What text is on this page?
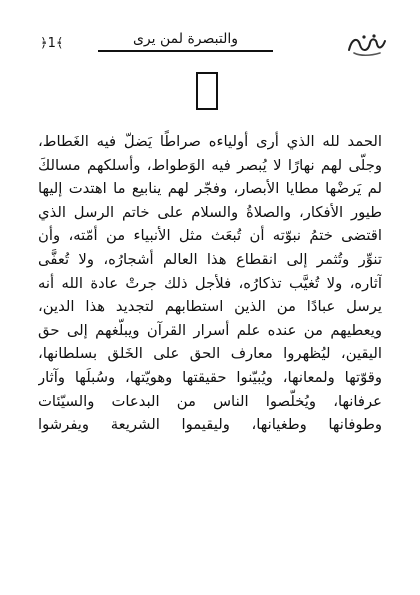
﴿1﴾	والتبصرة لمن يرى
الحمد لله الذي أرى أولياءه صراطًا يَضلّ فيه الغَطاط، وجلّى لهم نهارًا لا يُبصر فيه الوَطواط، وأسلكهم مسالكَ لم يَرضْها مطايا الأبصار، وفجّر لهم ينابيع ما اهتدت إليها طيور الأفكار، والصلاةُ والسلام على خاتم الرسل الذي اقتضى ختمُ نبوّته أن تُبعَث مثل الأنبياء من أمّته، وأن تنوِّر وتُثمر إلى انقطاع هذا العالم أشجارُه، ولا تُعفَّى آثاره، ولا تُغيَّب تذكارُه، فلأجل ذلك جرتْ عادة الله أنه يرسل عبادًا من الذين استطابهم لتجديد هذا الدين، ويعطيهم من عنده علم أسرار القرآن ويبلّغهم إلى حق اليقين، ليُظهروا معارف الحق على الخَلق بسلطانها، وقوّتها ولمعانها، ويُبيّنوا حقيقتها وهويّتها، وسُبلَها وآثار عرفانها، ويُخلّصوا الناس من البدعات والسيّئات وطوفانها وطغيانها، وليقيموا الشريعة ويفرشوا
